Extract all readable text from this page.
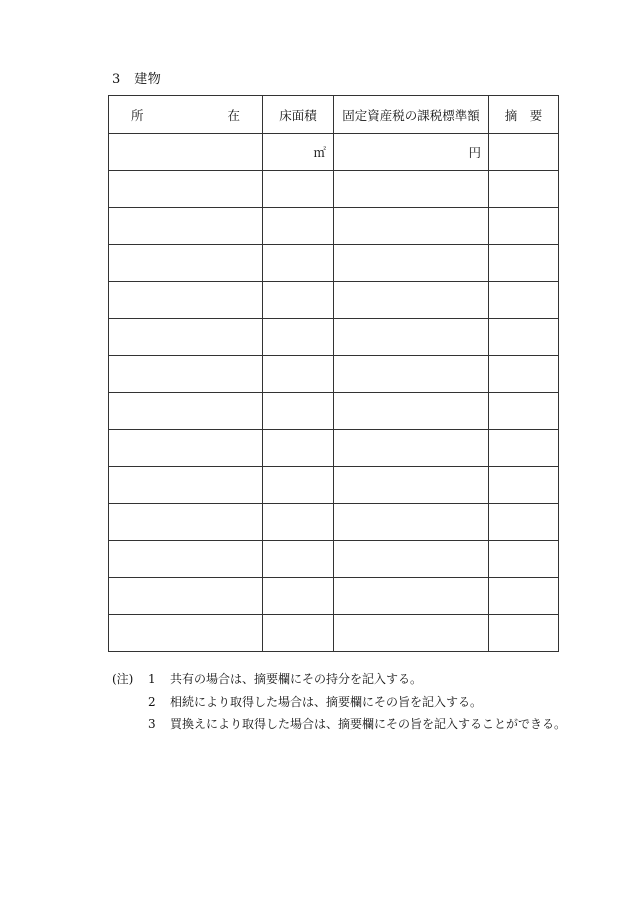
3　建物
所 在	床面積	固定資産税の課税標準額	摘　要
	㎡	円	

(注)	1	共有の場合は、摘要欄にその持分を記入する。
2	相続により取得した場合は、摘要欄にその旨を記入する。
3	買換えにより取得した場合は、摘要欄にその旨を記入することができる。
